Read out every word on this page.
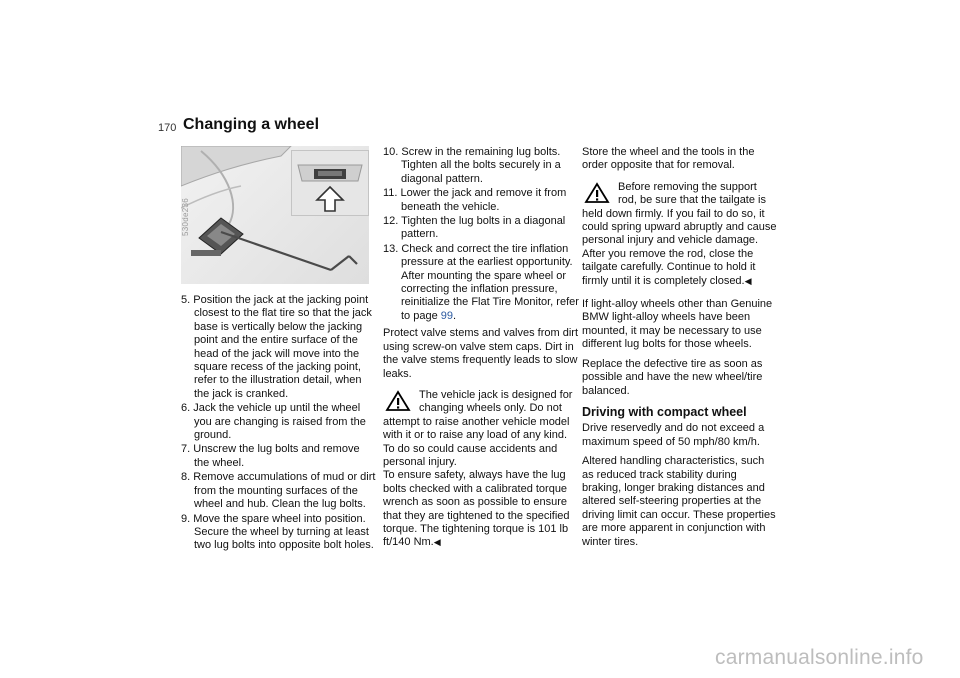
170 Changing a wheel
530de236
5. Position the jack at the jacking point closest to the flat tire so that the jack base is vertically below the jacking point and the entire surface of the head of the jack will move into the square recess of the jacking point, refer to the illustration detail, when the jack is cranked.
6. Jack the vehicle up until the wheel you are changing is raised from the ground.
7. Unscrew the lug bolts and remove the wheel.
8. Remove accumulations of mud or dirt from the mounting surfaces of the wheel and hub. Clean the lug bolts.
9. Move the spare wheel into position. Secure the wheel by turning at least two lug bolts into opposite bolt holes.
10. Screw in the remaining lug bolts. Tighten all the bolts securely in a diagonal pattern.
11. Lower the jack and remove it from beneath the vehicle.
12. Tighten the lug bolts in a diagonal pattern.
13. Check and correct the tire inflation pressure at the earliest opportunity. After mounting the spare wheel or correcting the inflation pressure, reinitialize the Flat Tire Monitor, refer to page 99.

Protect valve stems and valves from dirt using screw-on valve stem caps. Dirt in the valve stems frequently leads to slow leaks.

The vehicle jack is designed for changing wheels only. Do not attempt to raise another vehicle model with it or to raise any load of any kind. To do so could cause accidents and personal injury.
To ensure safety, always have the lug bolts checked with a calibrated torque wrench as soon as possible to ensure that they are tightened to the specified torque. The tightening torque is 101 lb ft/140 Nm.◀

Store the wheel and the tools in the order opposite that for removal.

Before removing the support rod, be sure that the tailgate is held down firmly. If you fail to do so, it could spring upward abruptly and cause personal injury and vehicle damage.
After you remove the rod, close the tailgate carefully. Continue to hold it firmly until it is completely closed.◀

If light-alloy wheels other than Genuine BMW light-alloy wheels have been mounted, it may be necessary to use different lug bolts for those wheels.

Replace the defective tire as soon as possible and have the new wheel/tire balanced.

Driving with compact wheel

Drive reservedly and do not exceed a maximum speed of 50 mph/80 km/h.

Altered handling characteristics, such as reduced track stability during braking, longer braking distances and altered self-steering properties at the driving limit can occur. These properties are more apparent in conjunction with winter tires.

carmanualsonline.info
